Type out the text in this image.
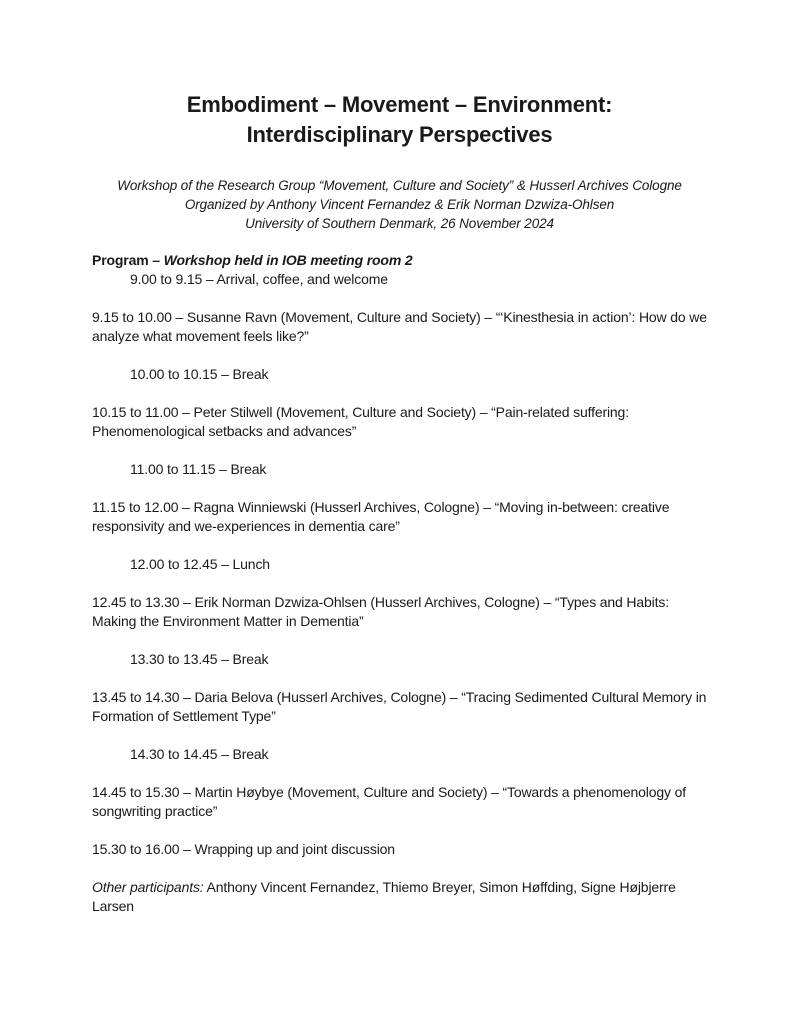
Embodiment – Movement – Environment:
Interdisciplinary Perspectives
Workshop of the Research Group “Movement, Culture and Society” & Husserl Archives Cologne
Organized by Anthony Vincent Fernandez & Erik Norman Dzwiza-Ohlsen
University of Southern Denmark, 26 November 2024
Program – Workshop held in IOB meeting room 2

9.00 to 9.15 – Arrival, coffee, and welcome

9.15 to 10.00 – Susanne Ravn (Movement, Culture and Society) – “‘Kinesthesia in action’: How do we analyze what movement feels like?”

10.00 to 10.15 – Break

10.15 to 11.00 – Peter Stilwell (Movement, Culture and Society) – “Pain-related suffering: Phenomenological setbacks and advances”

11.00 to 11.15 – Break

11.15 to 12.00 – Ragna Winniewski (Husserl Archives, Cologne) – “Moving in-between: creative responsivity and we-experiences in dementia care”

12.00 to 12.45 – Lunch

12.45 to 13.30 – Erik Norman Dzwiza-Ohlsen (Husserl Archives, Cologne) – “Types and Habits: Making the Environment Matter in Dementia”

13.30 to 13.45 – Break

13.45 to 14.30 – Daria Belova (Husserl Archives, Cologne) – “Tracing Sedimented Cultural Memory in Formation of Settlement Type”

14.30 to 14.45 – Break

14.45 to 15.30 – Martin Høybye (Movement, Culture and Society) – “Towards a phenomenology of songwriting practice”

15.30 to 16.00 – Wrapping up and joint discussion

Other participants: Anthony Vincent Fernandez, Thiemo Breyer, Simon Høffding, Signe Højbjerre Larsen
